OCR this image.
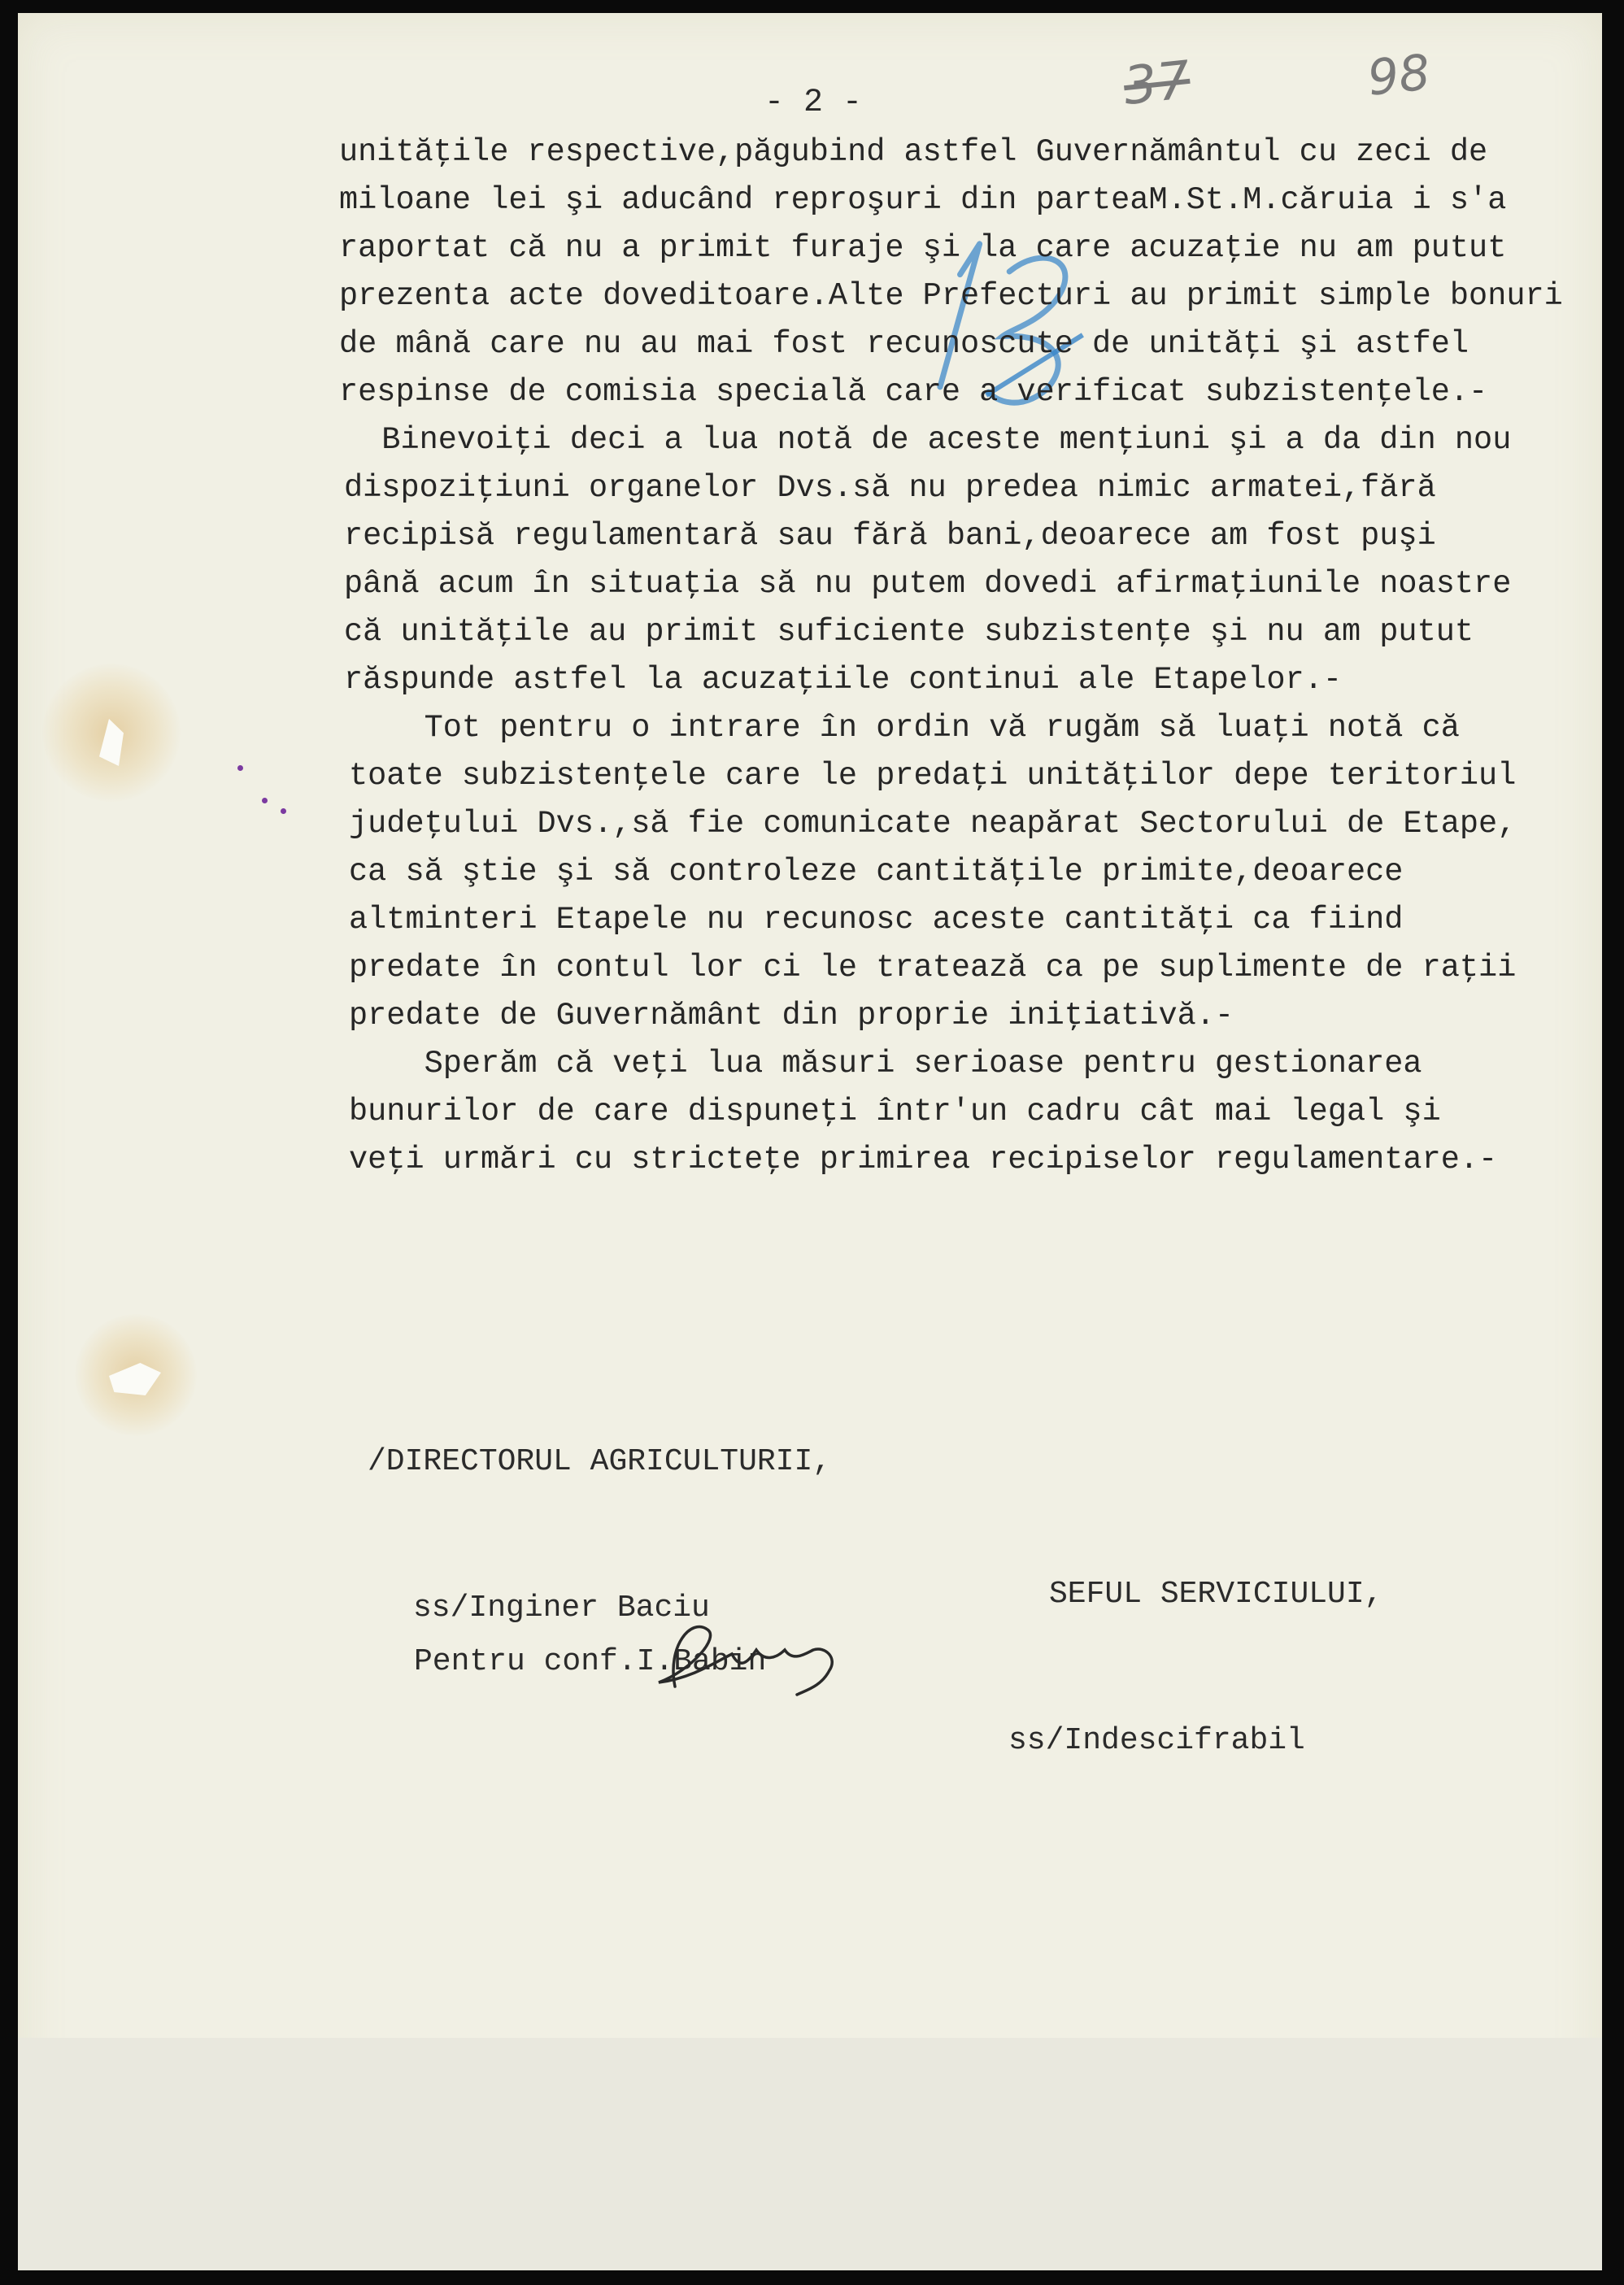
- 2 -	37	98
unităţile respective,păgubind astfel Guvernământul cu zeci de
miloane lei şi aducând reproşuri din parteaM.St.M.căruia i s'a
raportat că nu a primit furaje şi la care acuzaţie nu am putut
prezenta acte doveditoare.Alte Prefecturi au primit simple bonuri
de mână care nu au mai fost recunoscute de unităţi şi astfel
respinse de comisia specială care a verificat subzistenţele.-
Binevoiţi deci a lua notă de aceste menţiuni şi a da din nou
dispoziţiuni organelor Dvs.să nu predea nimic armatei,fără
recipisă regulamentară sau fără bani,deoarece am fost puşi
până acum în situaţia să nu putem dovedi afirmaţiunile noastre
că unităţile au primit suficiente subzistenţe şi nu am putut
răspunde astfel la acuzaţiile continui ale Etapelor.-
Tot pentru o intrare în ordin vă rugăm să luaţi notă că
toate subzistenţele care le predaţi unităţilor depe teritoriul
judeţului Dvs.,să fie comunicate neapărat Sectorului de Etape,
ca să ştie şi să controleze cantităţile primite,deoarece
altminteri Etapele nu recunosc aceste cantităţi ca fiind
predate în contul lor ci le tratează ca pe suplimente de raţii
predate de Guvernământ din proprie iniţiativă.-
Sperăm că veţi lua măsuri serioase pentru gestionarea
bunurilor de care dispuneţi într'un cadru cât mai legal şi
veţi urmări cu stricteţe primirea recipiselor regulamentare.-

/DIRECTORUL AGRICULTURII,

ss/Inginer Baciu

	SEFUL SERVICIULUI,

ss/Indescifrabil

Pentru conf.I.Babin
